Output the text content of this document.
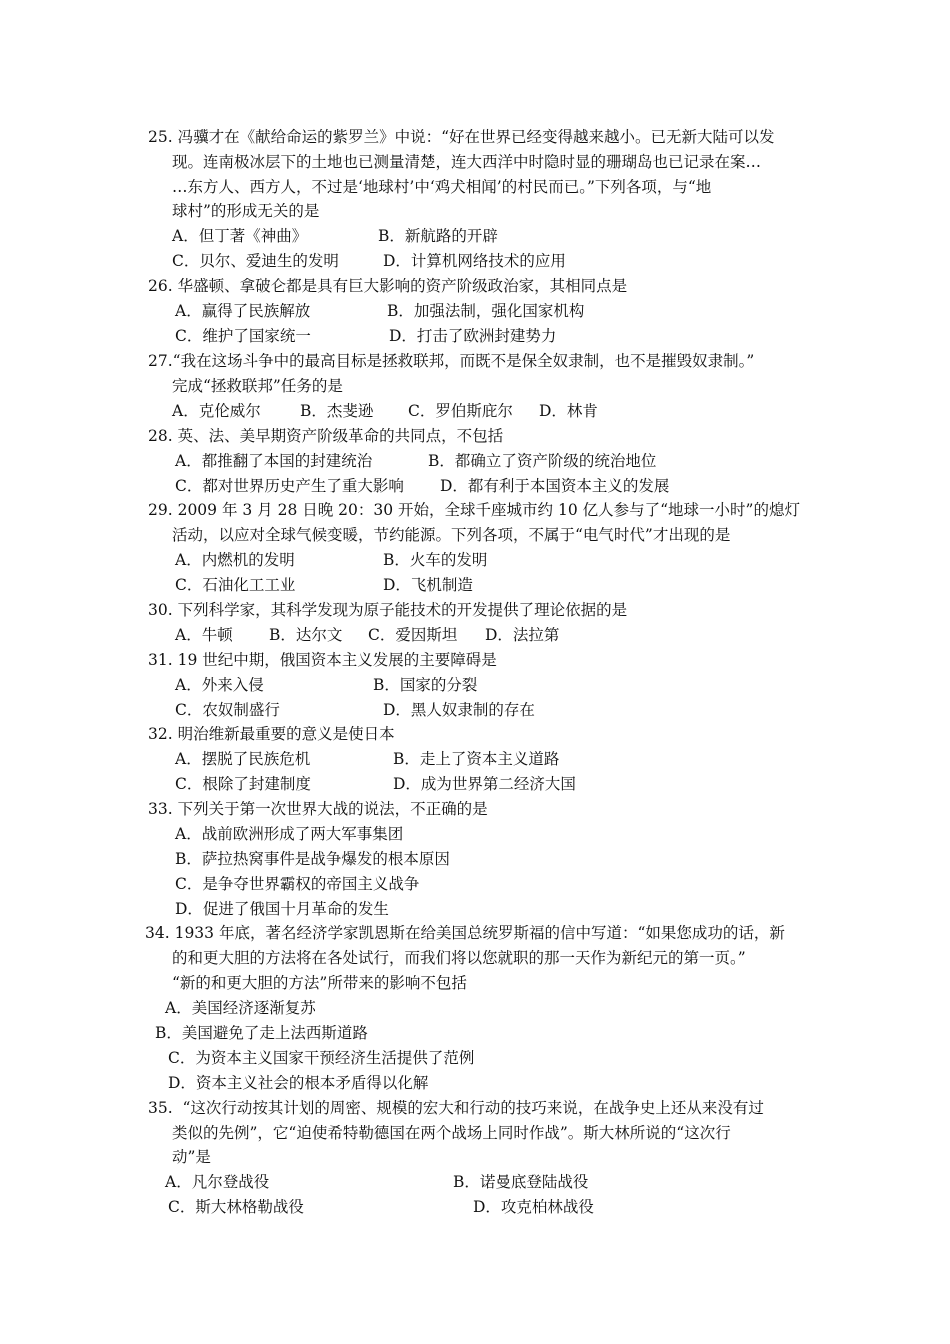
25. 冯骥才在《献给命运的紫罗兰》中说：“好在世界已经变得越来越小。已无新大陆可以发
现。连南极冰层下的土地也已测量清楚，连大西洋中时隐时显的珊瑚岛也已记录在案…
…东方人、西方人，不过是‘地球村’中‘鸡犬相闻’的村民而已。”下列各项，与“地
球村”的形成无关的是
A．但丁著《神曲》	B．新航路的开辟
C．贝尔、爱迪生的发明	D．计算机网络技术的应用
26. 华盛顿、拿破仑都是具有巨大影响的资产阶级政治家，其相同点是
A．赢得了民族解放	B．加强法制，强化国家机构
C．维护了国家统一	D．打击了欧洲封建势力
27.“我在这场斗争中的最高目标是拯救联邦，而既不是保全奴隶制，也不是摧毁奴隶制。”
完成“拯救联邦”任务的是
A．克伦威尔	B．杰斐逊 C．罗伯斯庇尔 D．林肯
28. 英、法、美早期资产阶级革命的共同点，不包括
A．都推翻了本国的封建统治	B．都确立了资产阶级的统治地位
C．都对世界历史产生了重大影响 D．都有利于本国资本主义的发展
29. 2009 年 3 月 28 日晚 20：30 开始，全球千座城市约 10 亿人参与了“地球一小时”的熄灯
活动，以应对全球气候变暖，节约能源。下列各项，不属于“电气时代”才出现的是
A．内燃机的发明	B．火车的发明
C．石油化工工业	D．飞机制造
30. 下列科学家，其科学发现为原子能技术的开发提供了理论依据的是
A．牛顿 B．达尔文 C．爱因斯坦 D．法拉第
31. 19 世纪中期，俄国资本主义发展的主要障碍是
A．外来入侵	B．国家的分裂
C．农奴制盛行	D．黑人奴隶制的存在
32. 明治维新最重要的意义是使日本
A．摆脱了民族危机	B．走上了资本主义道路
C．根除了封建制度	D．成为世界第二经济大国
33. 下列关于第一次世界大战的说法，不正确的是
A．战前欧洲形成了两大军事集团
B．萨拉热窝事件是战争爆发的根本原因
C．是争夺世界霸权的帝国主义战争
D．促进了俄国十月革命的发生
34. 1933 年底，著名经济学家凯恩斯在给美国总统罗斯福的信中写道：“如果您成功的话，新
的和更大胆的方法将在各处试行，而我们将以您就职的那一天作为新纪元的第一页。”
“新的和更大胆的方法”所带来的影响不包括
A．美国经济逐渐复苏
B．美国避免了走上法西斯道路
C．为资本主义国家干预经济生活提供了范例
D．资本主义社会的根本矛盾得以化解
35.  “这次行动按其计划的周密、规模的宏大和行动的技巧来说，在战争史上还从来没有过
类似的先例”，它“迫使希特勒德国在两个战场上同时作战”。斯大林所说的“这次行
动”是
A．凡尔登战役	B．诺曼底登陆战役
C．斯大林格勒战役	D．攻克柏林战役
